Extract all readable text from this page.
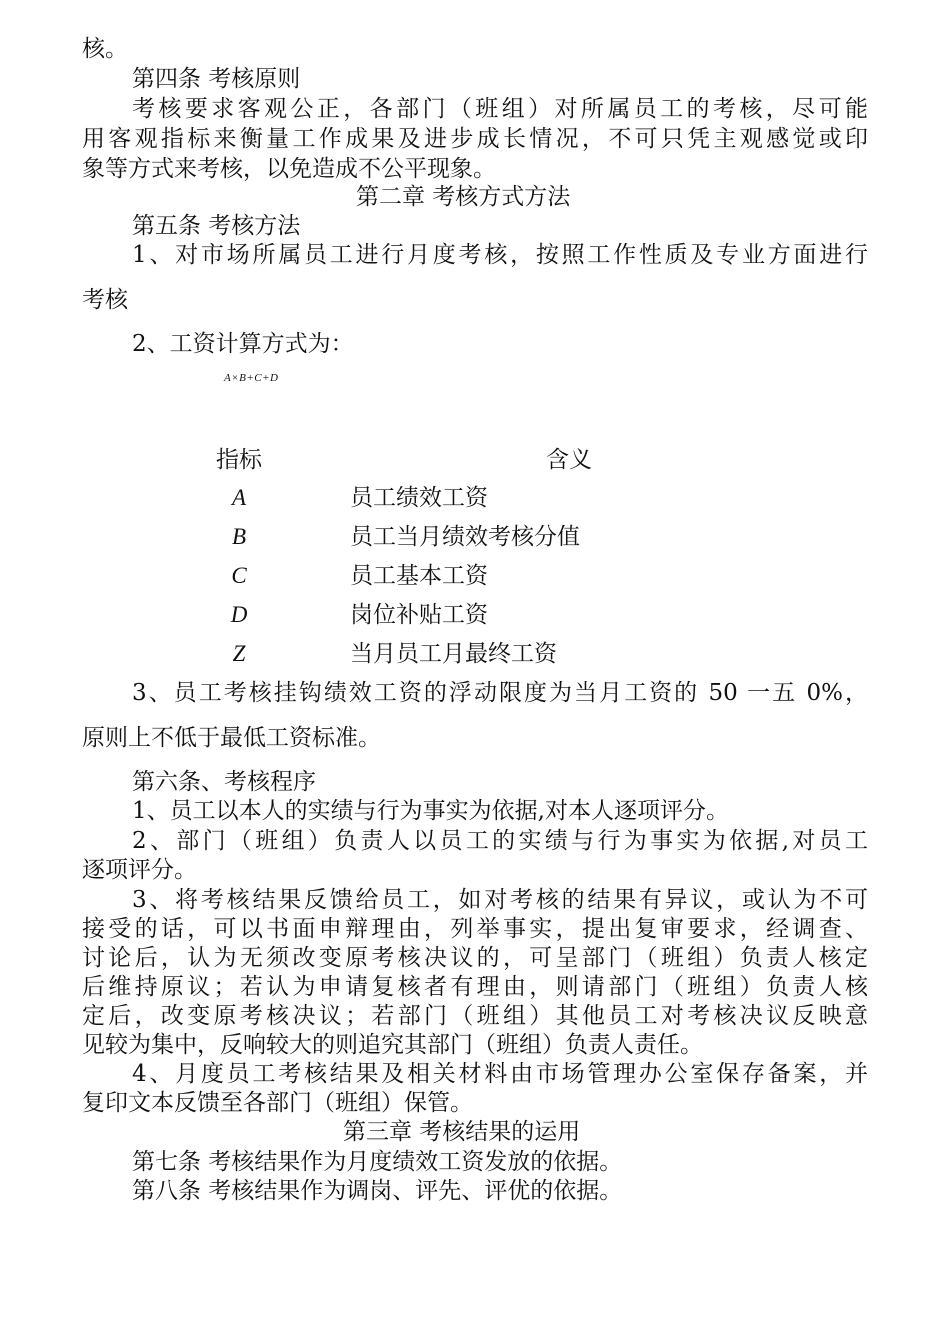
核。
第四条 考核原则
考核要求客观公正，各部门（班组）对所属员工的考核，尽可能
用客观指标来衡量工作成果及进步成长情况，不可只凭主观感觉或印
象等方式来考核，以免造成不公平现象。
第二章 考核方式方法
第五条 考核方法
1、对市场所属员工进行月度考核，按照工作性质及专业方面进行
考核
2、工资计算方式为：
A×B+C+D
指标	含义
A	员工绩效工资
B	员工当月绩效考核分值
C	员工基本工资
D	岗位补贴工资
Z	当月员工月最终工资
3、员工考核挂钩绩效工资的浮动限度为当月工资的 50 一五 0%，
原则上不低于最低工资标准。
第六条、考核程序
1、员工以本人的实绩与行为事实为依据,对本人逐项评分。
2、部门（班组）负责人以员工的实绩与行为事实为依据,对员工
逐项评分。
3、将考核结果反馈给员工，如对考核的结果有异议，或认为不可
接受的话，可以书面申辩理由，列举事实，提出复审要求，经调查、
讨论后，认为无须改变原考核决议的，可呈部门（班组）负责人核定
后维持原议；若认为申请复核者有理由，则请部门（班组）负责人核
定后，改变原考核决议；若部门（班组）其他员工对考核决议反映意
见较为集中，反响较大的则追究其部门（班组）负责人责任。
4、月度员工考核结果及相关材料由市场管理办公室保存备案，并
复印文本反馈至各部门（班组）保管。
第三章 考核结果的运用
第七条 考核结果作为月度绩效工资发放的依据。
第八条 考核结果作为调岗、评先、评优的依据。
